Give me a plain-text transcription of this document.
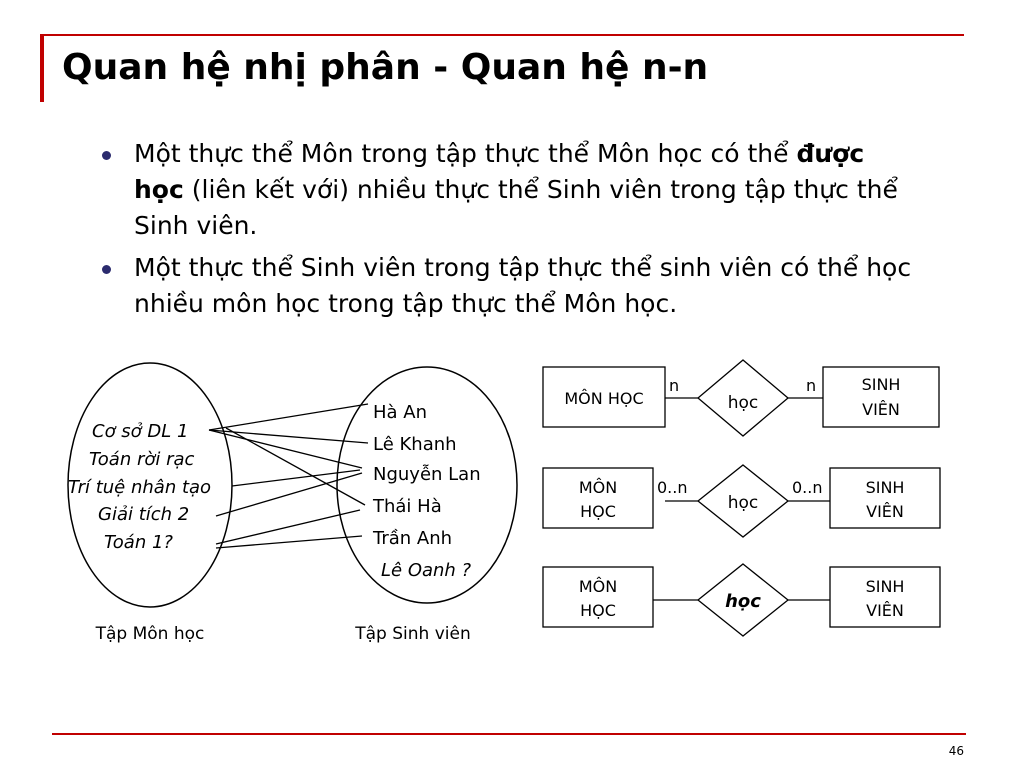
Quan hệ nhị phân - Quan hệ n-n
Một thực thể Môn trong tập thực thể Môn học có thể được học (liên kết với) nhiều thực thể Sinh viên trong tập thực thể Sinh viên.
Một thực thể Sinh viên trong tập thực thể sinh viên có thể học nhiều môn học trong tập thực thể Môn học.
Cơ sở DL 1
Toán rời rạc
Trí tuệ nhân tạo
Giải tích 2
Toán 1?
Hà An
Lê Khanh
Nguyễn Lan
Thái Hà
Trần Anh
Lê Oanh ?
Tập Môn học	Tập Sinh viên
MÔN HỌC
SINH
VIÊN
học
n	n
MÔN
HỌC
SINH
VIÊN
học
0..n	0..n
MÔN
HỌC
SINH
VIÊN
học
46
